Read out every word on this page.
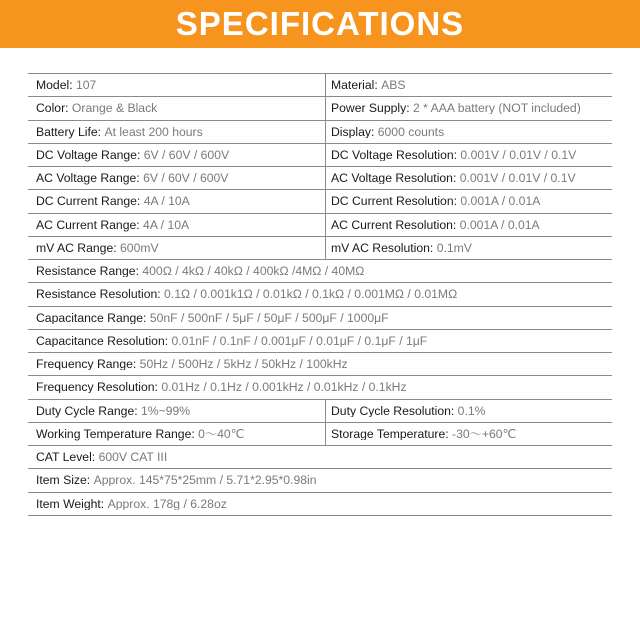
SPECIFICATIONS
Model:
107	Material: ABS
Color:
Orange & Black	Power Supply: 2 * AAA battery (NOT included)
Battery Life:
At least 200 hours	Display: 6000 counts
DC Voltage Range:
6V / 60V / 600V	DC Voltage Resolution: 0.001V / 0.01V / 0.1V
AC Voltage Range:
6V / 60V / 600V	AC Voltage Resolution: 0.001V / 0.01V / 0.1V
DC Current Range:
4A / 10A	DC Current Resolution: 0.001A / 0.01A
AC Current Range:
4A / 10A	AC Current Resolution: 0.001A / 0.01A
mV AC Range:
600mV	mV AC Resolution: 0.1mV
Resistance Range: 400Ω / 4kΩ / 40kΩ / 400kΩ /4MΩ / 40MΩ
Resistance Resolution: 0.1Ω / 0.001k1Ω / 0.01kΩ / 0.1kΩ / 0.001MΩ / 0.01MΩ
Capacitance Range: 50nF / 500nF / 5μF / 50μF / 500μF / 1000μF
Capacitance Resolution: 0.01nF / 0.1nF / 0.001μF / 0.01μF / 0.1μF / 1μF
Frequency Range: 50Hz / 500Hz / 5kHz / 50kHz / 100kHz
Frequency Resolution: 0.01Hz / 0.1Hz / 0.001kHz / 0.01kHz / 0.1kHz
Duty Cycle Range:
1%~99%	Duty Cycle Resolution: 0.1%
Working Temperature Range:
0～40℃	Storage Temperature: -30～+60℃
CAT Level: 600V CAT III
Item Size: Approx. 145*75*25mm / 5.71*2.95*0.98in
Item Weight: Approx. 178g / 6.28oz
